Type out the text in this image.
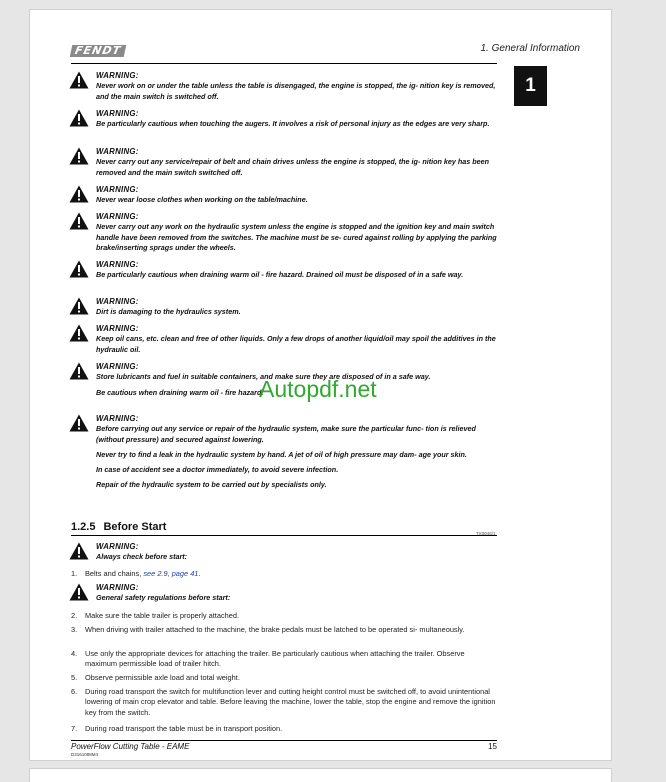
FENDT	1. General Information
1
WARNING:

Never work on or under the table unless the table is disengaged, the engine is stopped, the ig- nition key is removed, and the main switch is switched off.

WARNING:

Be particularly cautious when touching the augers. It involves a risk of personal injury as the edges are very sharp.

WARNING:

Never carry out any service/repair of belt and chain drives unless the engine is stopped, the ig- nition key has been removed and the main switch switched off.

WARNING:

Never wear loose clothes when working on the table/machine.

WARNING:

Never carry out any work on the hydraulic system unless the engine is stopped and the ignition key and main switch handle have been removed from the switches. The machine must be se- cured against rolling by applying the parking brake/inserting sprags under the wheels.

WARNING:

Be particularly cautious when draining warm oil - fire hazard. Drained oil must be disposed of in a safe way.

WARNING:

Dirt is damaging to the hydraulics system.

WARNING:

Keep oil cans, etc. clean and free of other liquids. Only a few drops of another liquid/oil may spoil the additives in the hydraulic oil.

WARNING:

Store lubricants and fuel in suitable containers, and make sure they are disposed of in a safe way.

Be cautious when draining warm oil - fire hazard.

WARNING:

Before carrying out any service or repair of the hydraulic system, make sure the particular func- tion is relieved (without pressure) and secured against lowering.

Never try to find a leak in the hydraulic system by hand. A jet of oil of high pressure may dam- age your skin.

In case of accident see a doctor immediately, to avoid severe infection.

Repair of the hydraulic system to be carried out by specialists only.

1.2.5 Before Start
TS0046/1
WARNING:

Always check before start:

1. Belts and chains, see 2.9, page 41.
WARNING:

General safety regulations before start:

2. Make sure the table trailer is properly attached.
3. When driving with trailer attached to the machine, the brake pedals must be latched to be operated si- multaneously.
4. Use only the appropriate devices for attaching the trailer. Be particularly cautious when attaching the trailer. Observe maximum permissible load of trailer hitch.
5. Observe permissible axle load and total weight.
6. During road transport the switch for multifunction lever and cutting height control must be switched off, to avoid unintentional lowering of main crop elevator and table. Before leaving the machine, lower the table, stop the engine and remove the ignition key from the switch.
7. During road transport the table must be in transport position.
PowerFlow Cutting Table - EAME
D3161088M4
15
Autopdf.net
